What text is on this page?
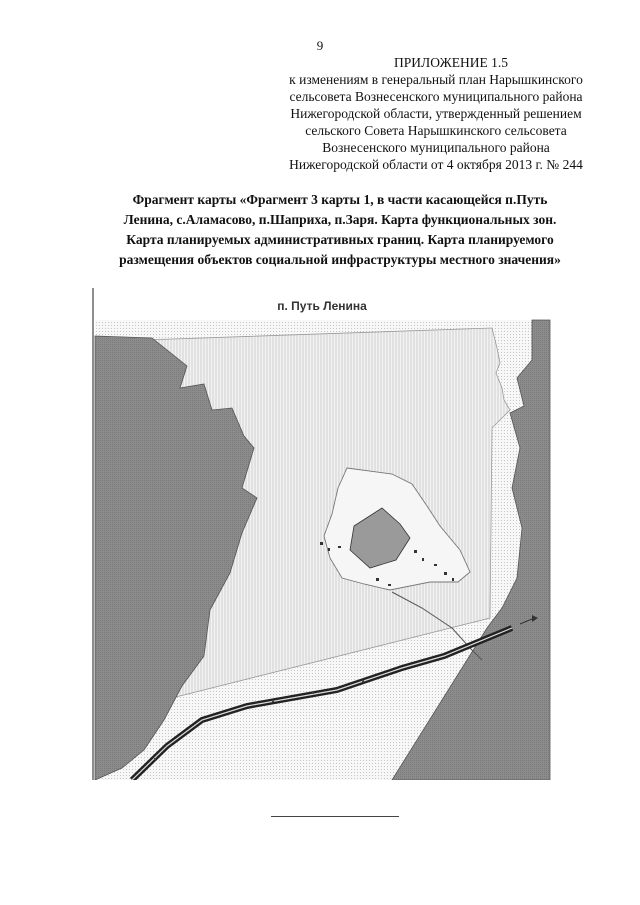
9
ПРИЛОЖЕНИЕ 1.5
к изменениям в генеральный план Нарышкинского
сельсовета Вознесенского муниципального района
Нижегородской области, утвержденный решением
сельского Совета Нарышкинского сельсовета
Вознесенского муниципального района
Нижегородской области от 4 октября 2013 г. № 244
Фрагмент карты «Фрагмент 3 карты 1, в части касающейся п.Путь
Ленина, с.Аламасово, п.Шаприха, п.Заря. Карта функциональных зон.
Карта планируемых административных границ. Карта планируемого
размещения объектов социальной инфраструктуры местного значения»
п. Путь Ленина
